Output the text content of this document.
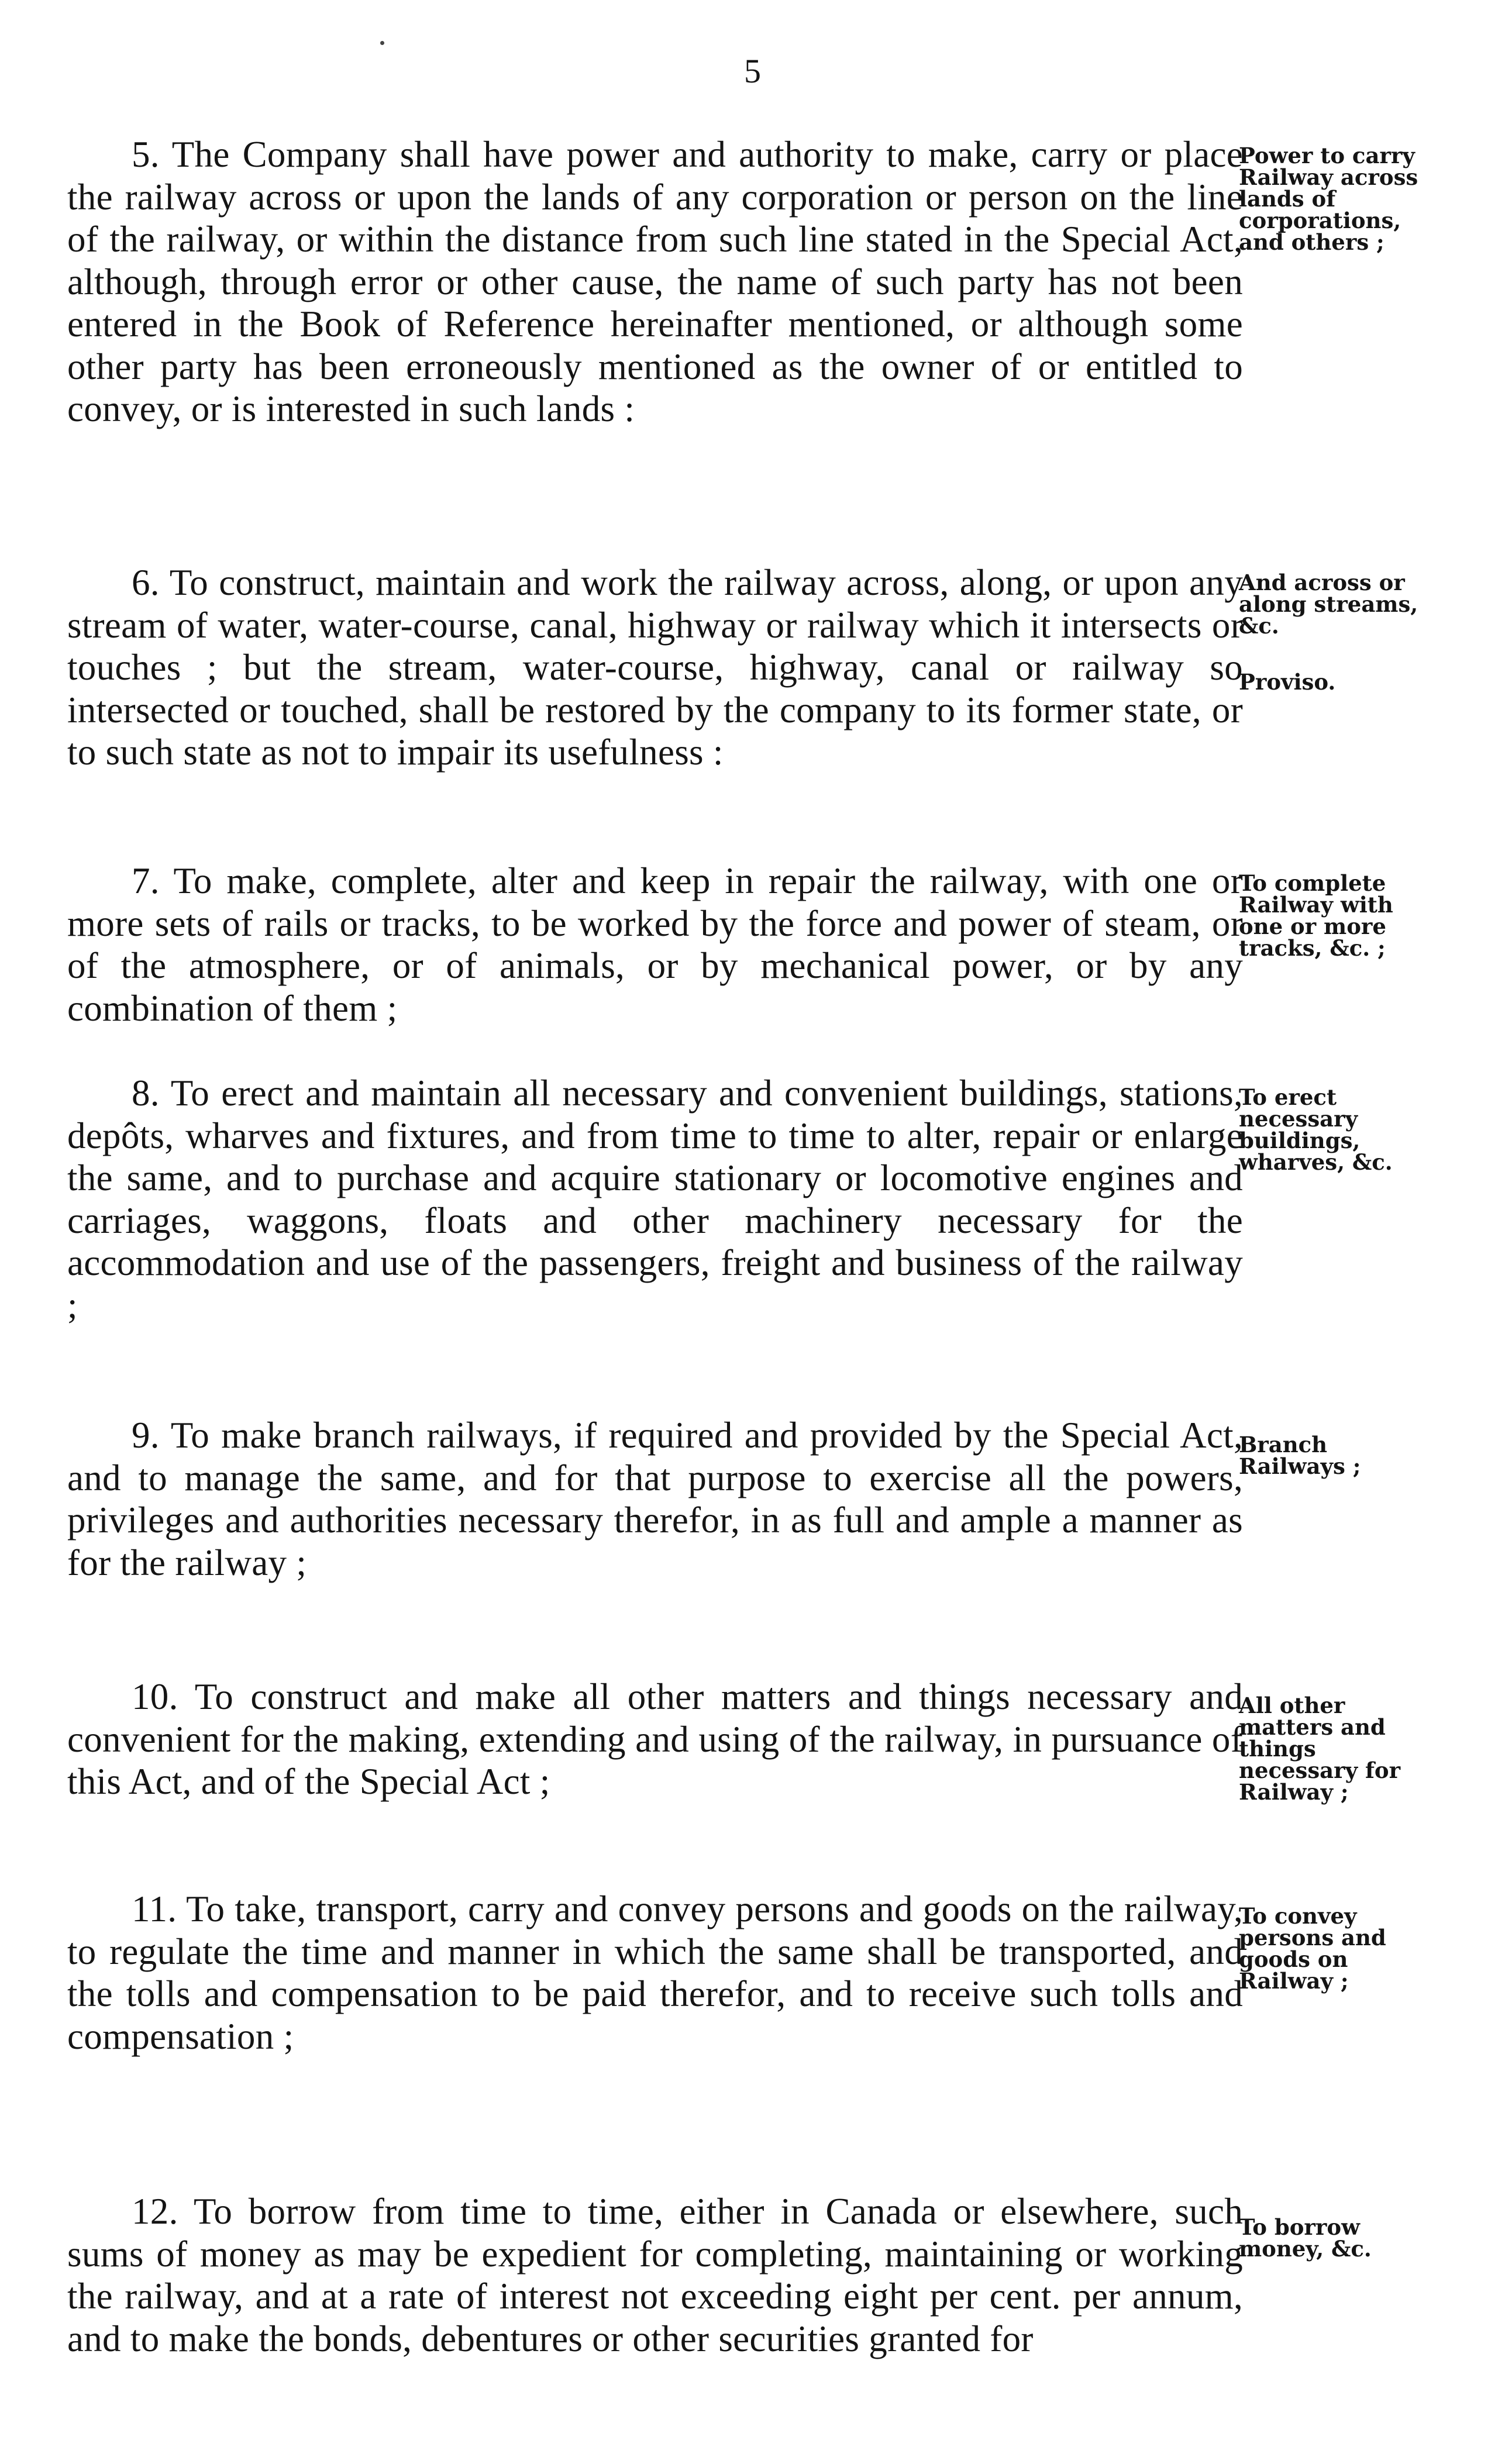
5

5. The Company shall have power and authority to make, carry or place the railway across or upon the lands of any corporation or person on the line of the railway, or within the distance from such line stated in the Special Act, although, through error or other cause, the name of such party has not been entered in the Book of Reference hereinafter mentioned, or although some other party has been erroneously mentioned as the owner of or entitled to convey, or is interested in such lands :

Power to carry Railway across lands of corporations, and others ;

6. To construct, maintain and work the railway across, along, or upon any stream of water, water-course, canal, highway or railway which it intersects or touches ; but the stream, water-course, highway, canal or railway so intersected or touched, shall be restored by the company to its former state, or to such state as not to impair its usefulness :

And across or along streams, &c.

Proviso.

7. To make, complete, alter and keep in repair the railway, with one or more sets of rails or tracks, to be worked by the force and power of steam, or of the atmosphere, or of animals, or by mechanical power, or by any combination of them ;

To complete Railway with one or more tracks, &c. ;

8. To erect and maintain all necessary and convenient buildings, stations, depôts, wharves and fixtures, and from time to time to alter, repair or enlarge the same, and to purchase and acquire stationary or locomotive engines and carriages, waggons, floats and other machinery necessary for the accommodation and use of the passengers, freight and business of the railway ;

To erect necessary buildings, wharves, &c.

9. To make branch railways, if required and provided by the Special Act, and to manage the same, and for that purpose to exercise all the powers, privileges and authorities necessary therefor, in as full and ample a manner as for the railway ;

Branch Railways ;

10. To construct and make all other matters and things necessary and convenient for the making, extending and using of the railway, in pursuance of this Act, and of the Special Act ;

All other matters and things necessary for Railway ;

11. To take, transport, carry and convey persons and goods on the railway, to regulate the time and manner in which the same shall be transported, and the tolls and compensation to be paid therefor, and to receive such tolls and compensation ;

To convey persons and goods on Railway ;

12. To borrow from time to time, either in Canada or elsewhere, such sums of money as may be expedient for completing, maintaining or working the railway, and at a rate of interest not exceeding eight per cent. per annum, and to make the bonds, debentures or other securities granted for

To borrow money, &c.
